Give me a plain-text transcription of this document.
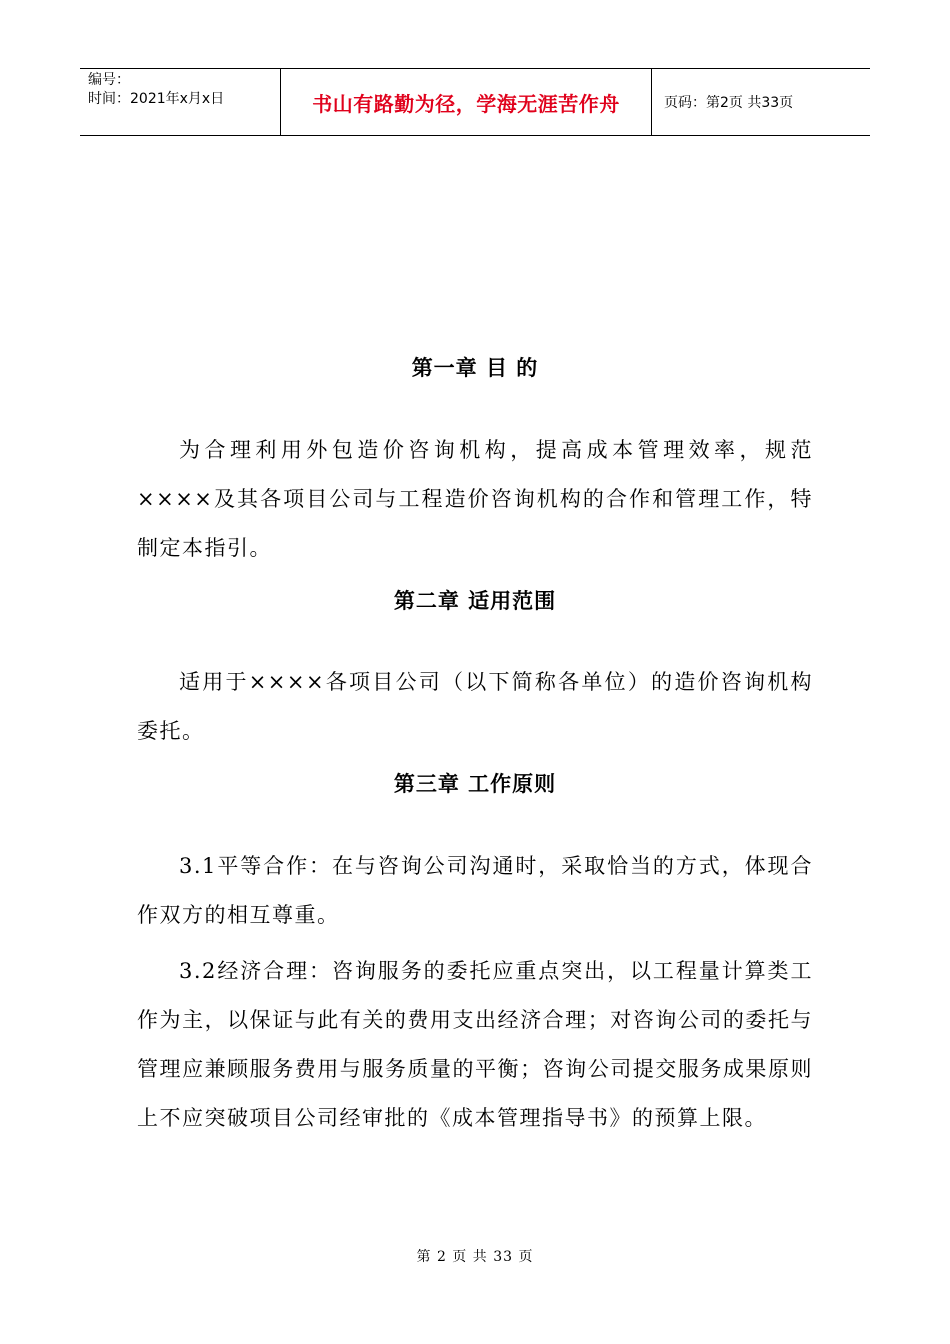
编号：
时间：2021年x月x日	书山有路勤为径，学海无涯苦作舟	页码：第2页 共33页
第一章 目 的

为合理利用外包造价咨询机构，提高成本管理效率，规范××××及其各项目公司与工程造价咨询机构的合作和管理工作，特制定本指引。

第二章 适用范围

适用于××××各项目公司（以下简称各单位）的造价咨询机构委托。

第三章 工作原则

3.1平等合作：在与咨询公司沟通时，采取恰当的方式，体现合作双方的相互尊重。

3.2经济合理：咨询服务的委托应重点突出，以工程量计算类工作为主，以保证与此有关的费用支出经济合理；对咨询公司的委托与管理应兼顾服务费用与服务质量的平衡；咨询公司提交服务成果原则上不应突破项目公司经审批的《成本管理指导书》的预算上限。

第 2 页 共 33 页
